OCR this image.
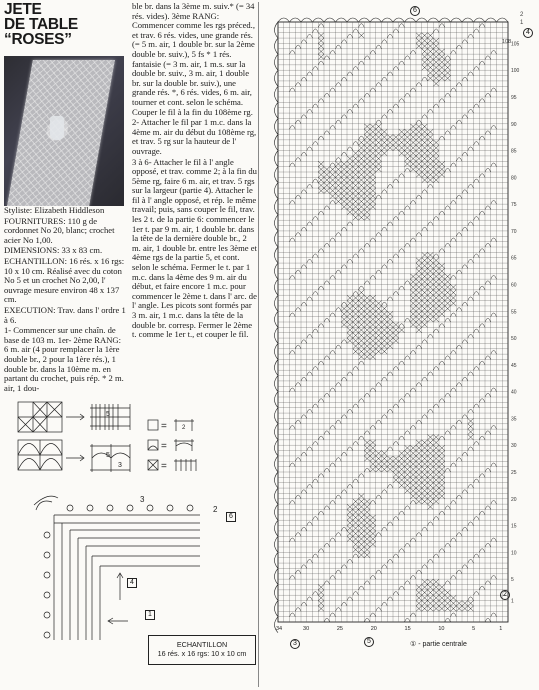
JETE
DE TABLE
“ROSES”

Styliste: Elizabeth Hiddleson

FOURNITURES: 110 g de cordonnet No 20, blanc; crochet acier No 1,00.

DIMENSIONS: 33 x 83 cm.

ECHANTILLON: 16 rés. x 16 rgs: 10 x 10 cm. Réalisé avec du coton No 5 et un crochet No 2,00, l' ouvrage mesure environ 48 x 137 cm.

EXECUTION: Trav. dans l' ordre 1 à 6.

1- Commencer sur une chaîn. de base de 103 m. 1er- 2ème RANG: 6 m. air (4 pour remplacer la 1ère double br., 2 pour la 1ère rés.), 1 double br. dans la 10ème m. en partant du crochet, puis rép. * 2 m. air, 1 dou-

ble br. dans la 3ème m. suiv.* (= 34 rés. vides). 3ème RANG: Commencer comme les rgs préced., et trav. 6 rés. vides, une grande rés. (= 5 m. air, 1 double br. sur la 2ème double br. suiv.), 5 fs * 1 rés. fantaisie (= 3 m. air, 1 m.s. sur la double br. suiv., 3 m. air, 1 double br. sur la double br. suiv.), une grande rés. *, 6 rés. vides, 6 m. air, tourner et cont. selon le schéma. Couper le fil à la fin du 108ème rg.

2- Attacher le fil par 1 m.c. dans la 4ème m. air du début du 108ème rg, et trav. 5 rg sur la hauteur de l' ouvrage.

3 à 6- Attacher le fil à l' angle opposé, et trav. comme 2; à la fin du 5ème rg, faire 6 m. air, et trav. 5 rgs sur la largeur (partie 4). Attacher le fil à l' angle opposé, et rép. le même travail; puis, sans couper le fil, trav. les 2 t. de la partie 6: commencer le 1er t. par 9 m. air, 1 double br. dans la tête de la dernière double br., 2 m. air, 1 double br. entre les 3ème et 4ème rgs de la partie 5, et cont. selon le schéma. Fermer le t. par 1 m.c. dans la 4ème des 9 m. air du début, et faire encore 1 m.c. pour commencer le 2ème t. dans l' arc. de l' angle. Les picots sont formés par 3 m. air, 1 m.c. dans la tête de la double br. corresp. Fermer le 2ème t. comme le 1er t., et couper le fil.

5
5
3
=
=
=
2
3
2
6
4
1
ECHANTILLON
16 rés. x 16 rgs: 10 x 10 cm
105
100
95
90
85
80
75
70
65
60
55
50
45
40
35
30
25
20
15
10
5
1
34	30	25	20	15	10	5	1
6
4
3	5
2
① - partie centrale
108
2
1
